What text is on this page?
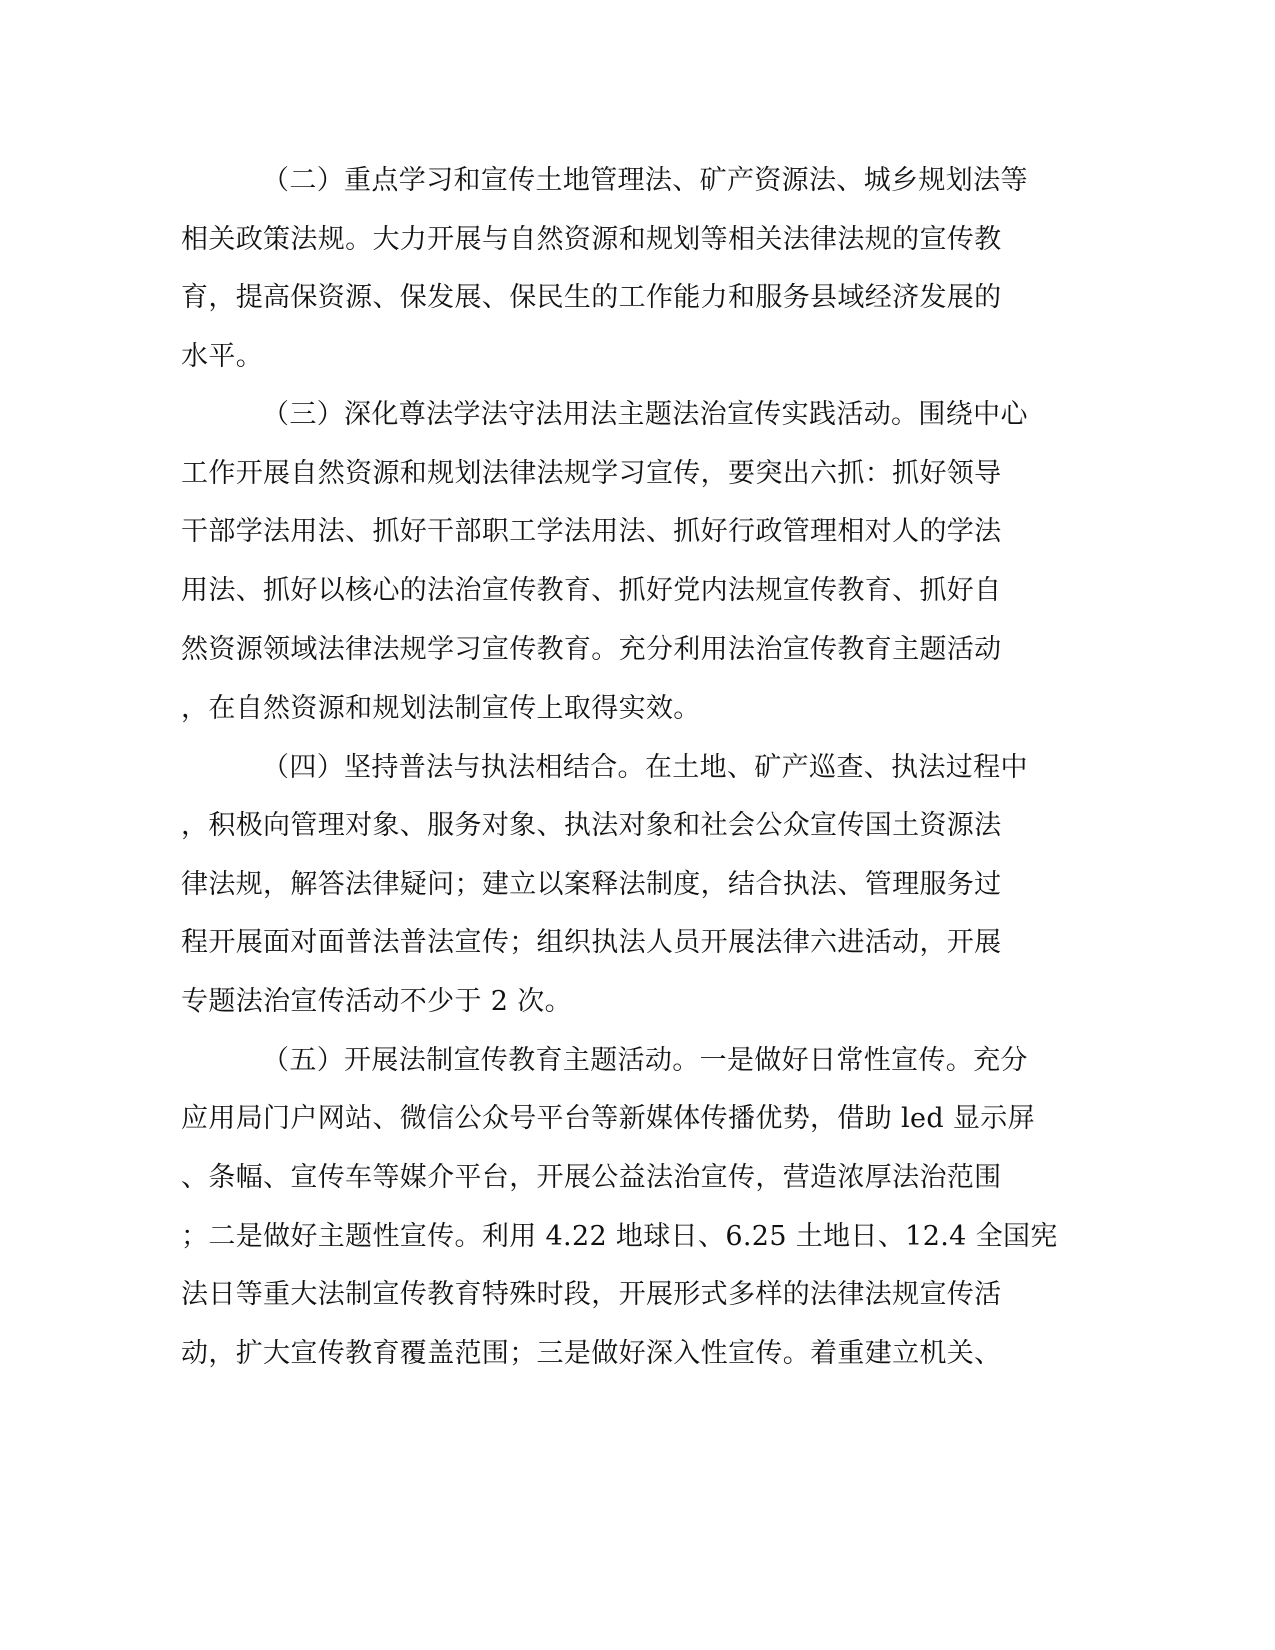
（二）重点学习和宣传土地管理法、矿产资源法、城乡规划法等
相关政策法规。大力开展与自然资源和规划等相关法律法规的宣传教
育，提高保资源、保发展、保民生的工作能力和服务县域经济发展的
水平。
（三）深化尊法学法守法用法主题法治宣传实践活动。围绕中心
工作开展自然资源和规划法律法规学习宣传，要突出六抓：抓好领导
干部学法用法、抓好干部职工学法用法、抓好行政管理相对人的学法
用法、抓好以核心的法治宣传教育、抓好党内法规宣传教育、抓好自
然资源领域法律法规学习宣传教育。充分利用法治宣传教育主题活动
，在自然资源和规划法制宣传上取得实效。
（四）坚持普法与执法相结合。在土地、矿产巡查、执法过程中
，积极向管理对象、服务对象、执法对象和社会公众宣传国土资源法
律法规，解答法律疑问；建立以案释法制度，结合执法、管理服务过
程开展面对面普法普法宣传；组织执法人员开展法律六进活动，开展
专题法治宣传活动不少于 2 次。
（五）开展法制宣传教育主题活动。一是做好日常性宣传。充分
应用局门户网站、微信公众号平台等新媒体传播优势，借助 led 显示屏
、条幅、宣传车等媒介平台，开展公益法治宣传，营造浓厚法治范围
；二是做好主题性宣传。利用 4.22 地球日、6.25 土地日、12.4 全国宪
法日等重大法制宣传教育特殊时段，开展形式多样的法律法规宣传活
动，扩大宣传教育覆盖范围；三是做好深入性宣传。着重建立机关、
